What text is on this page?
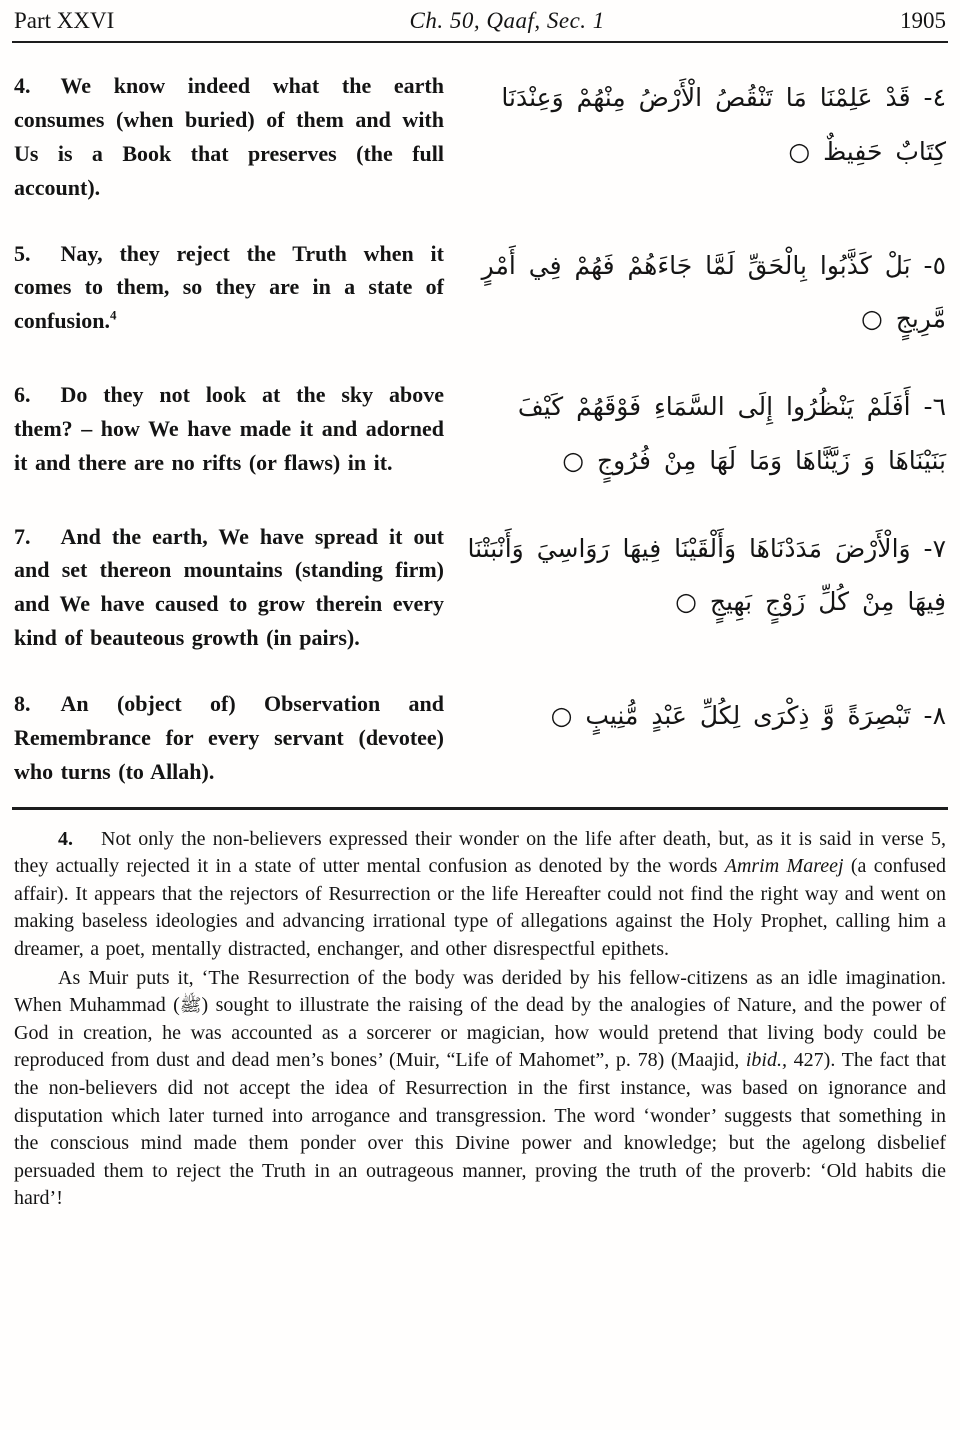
Part XXVI	Ch. 50, Qaaf, Sec. 1	1905

4. We know indeed what the earth consumes (when buried) of them and with Us is a Book that preserves (the full account).

٤- قَدْ عَلِمْنَا مَا تَنْقُصُ الْأَرْضُ مِنْهُمْ وَعِنْدَنَا كِتَابٌ حَفِيظٌ ○

5. Nay, they reject the Truth when it comes to them, so they are in a state of confusion.$^4$

٥- بَلْ كَذَّبُوا بِالْحَقِّ لَمَّا جَاءَهُمْ فَهُمْ فِي أَمْرٍ مَّرِيجٍ ○

6. Do they not look at the sky above them? – how We have made it and adorned it and there are no rifts (or flaws) in it.

٦- أَفَلَمْ يَنْظُرُوا إِلَى السَّمَاءِ فَوْقَهُمْ كَيْفَ بَنَيْنَاهَا وَ زَيَّنَّاهَا وَمَا لَهَا مِنْ فُرُوجٍ ○

7. And the earth, We have spread it out and set thereon mountains (standing firm) and We have caused to grow therein every kind of beauteous growth (in pairs).

٧- وَالْأَرْضَ مَدَدْنَاهَا وَأَلْقَيْنَا فِيهَا رَوَاسِيَ وَأَنْبَتْنَا فِيهَا مِنْ كُلِّ زَوْجٍ بَهِيجٍ ○

8. An (object of) Observation and Remembrance for every servant (devotee) who turns (to Allah).

٨- تَبْصِرَةً وَّ ذِكْرَى لِكُلِّ عَبْدٍ مُّنِيبٍ ○

4. Not only the non-believers expressed their wonder on the life after death, but, as it is said in verse 5, they actually rejected it in a state of utter mental confusion as denoted by the words Amrim Mareej (a confused affair). It appears that the rejectors of Resurrection or the life Hereafter could not find the right way and went on making baseless ideologies and advancing irrational type of allegations against the Holy Prophet, calling him a dreamer, a poet, mentally distracted, enchanger, and other disrespectful epithets.

As Muir puts it, ‘The Resurrection of the body was derided by his fellow-citizens as an idle imagination. When Muhammad (ﷺ) sought to illustrate the raising of the dead by the analogies of Nature, and the power of God in creation, he was accounted as a sorcerer or magician, how would pretend that living body could be reproduced from dust and dead men’s bones’ (Muir, “Life of Mahomet”, p. 78) (Maajid, ibid., 427). The fact that the non-believers did not accept the idea of Resurrection in the first instance, was based on ignorance and disputation which later turned into arrogance and transgression. The word ‘wonder’ suggests that something in the conscious mind made them ponder over this Divine power and knowledge; but the agelong disbelief persuaded them to reject the Truth in an outrageous manner, proving the truth of the proverb: ‘Old habits die hard’!
